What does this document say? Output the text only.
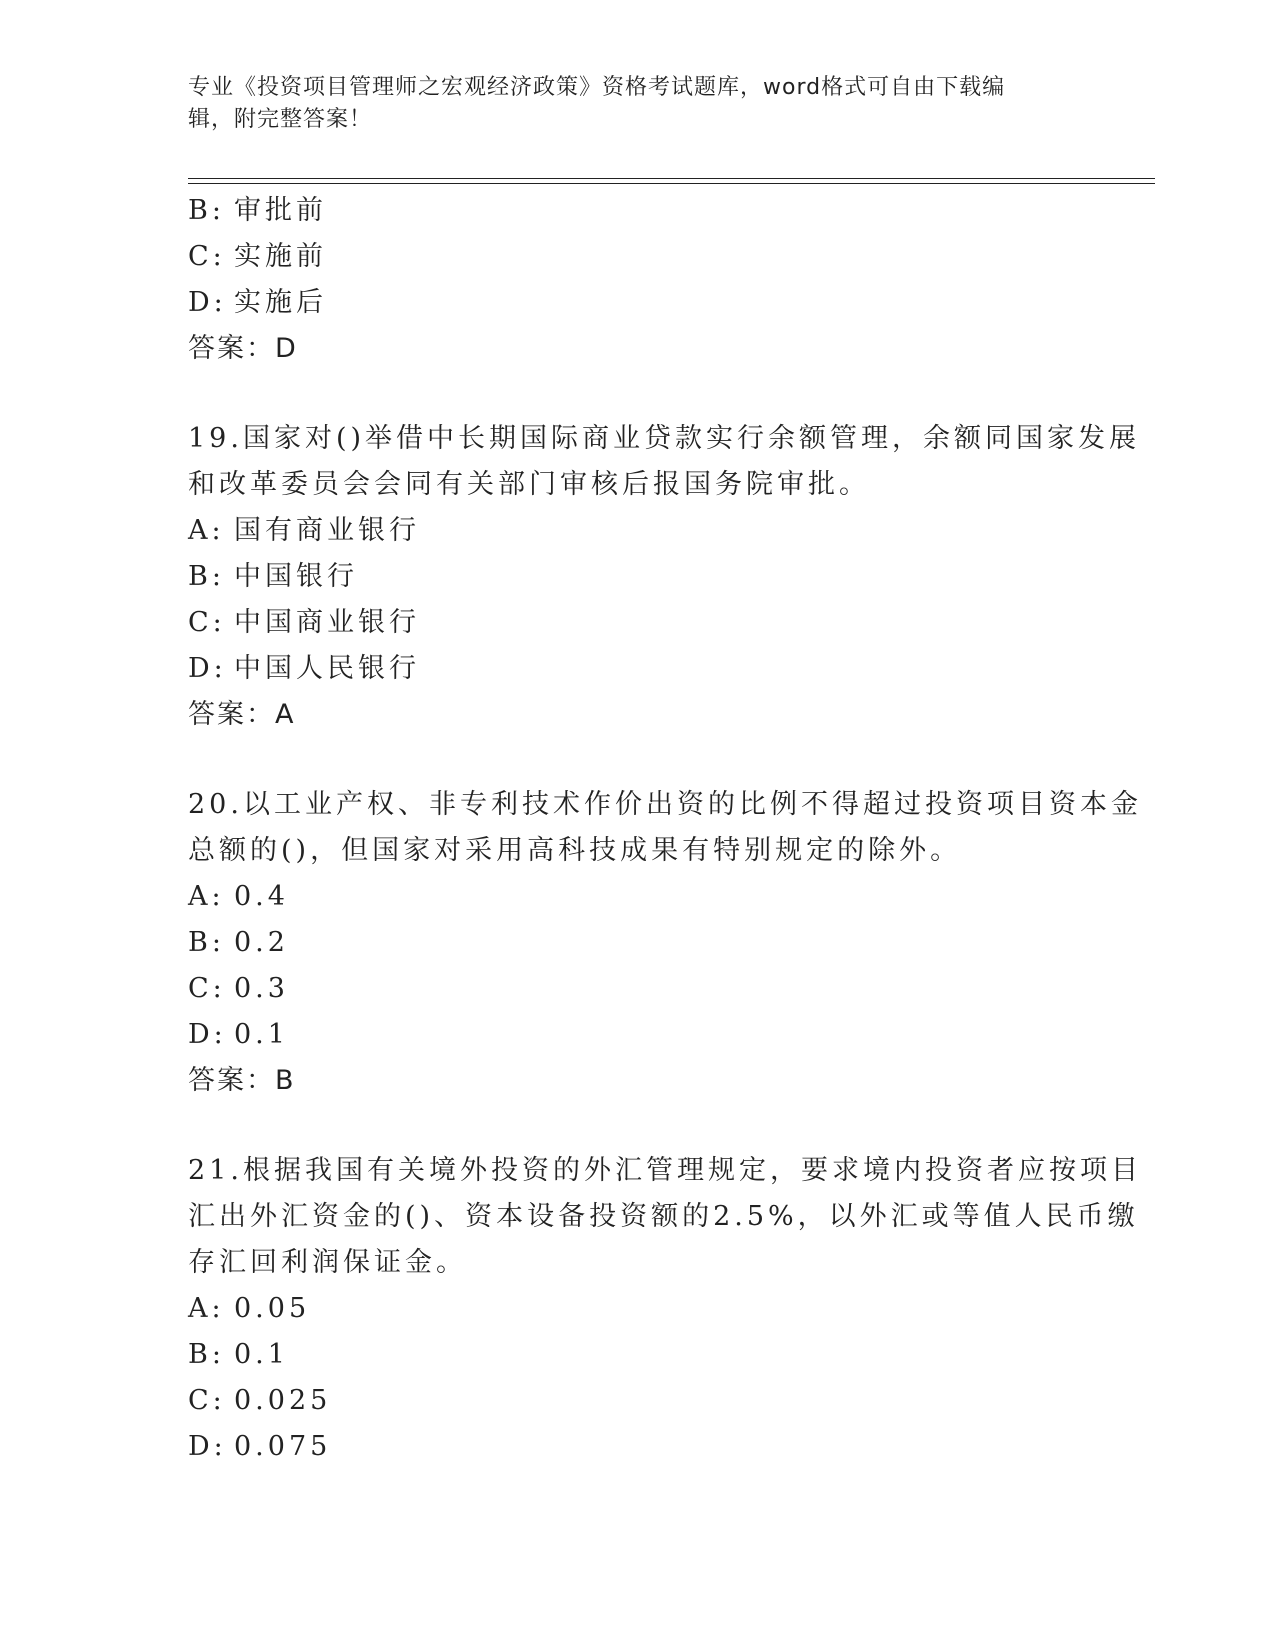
专业《投资项目管理师之宏观经济政策》资格考试题库，word格式可自由下载编
辑，附完整答案！
B: 审批前
C: 实施前
D: 实施后
答案：D
19.国家对()举借中长期国际商业贷款实行余额管理，余额同国家发展
和改革委员会会同有关部门审核后报国务院审批。
A: 国有商业银行
B: 中国银行
C: 中国商业银行
D: 中国人民银行
答案：A
20.以工业产权、非专利技术作价出资的比例不得超过投资项目资本金
总额的()，但国家对采用高科技成果有特别规定的除外。
A: 0.4
B: 0.2
C: 0.3
D: 0.1
答案：B
21.根据我国有关境外投资的外汇管理规定，要求境内投资者应按项目
汇出外汇资金的()、资本设备投资额的2.5%，以外汇或等值人民币缴
存汇回利润保证金。
A: 0.05
B: 0.1
C: 0.025
D: 0.075
